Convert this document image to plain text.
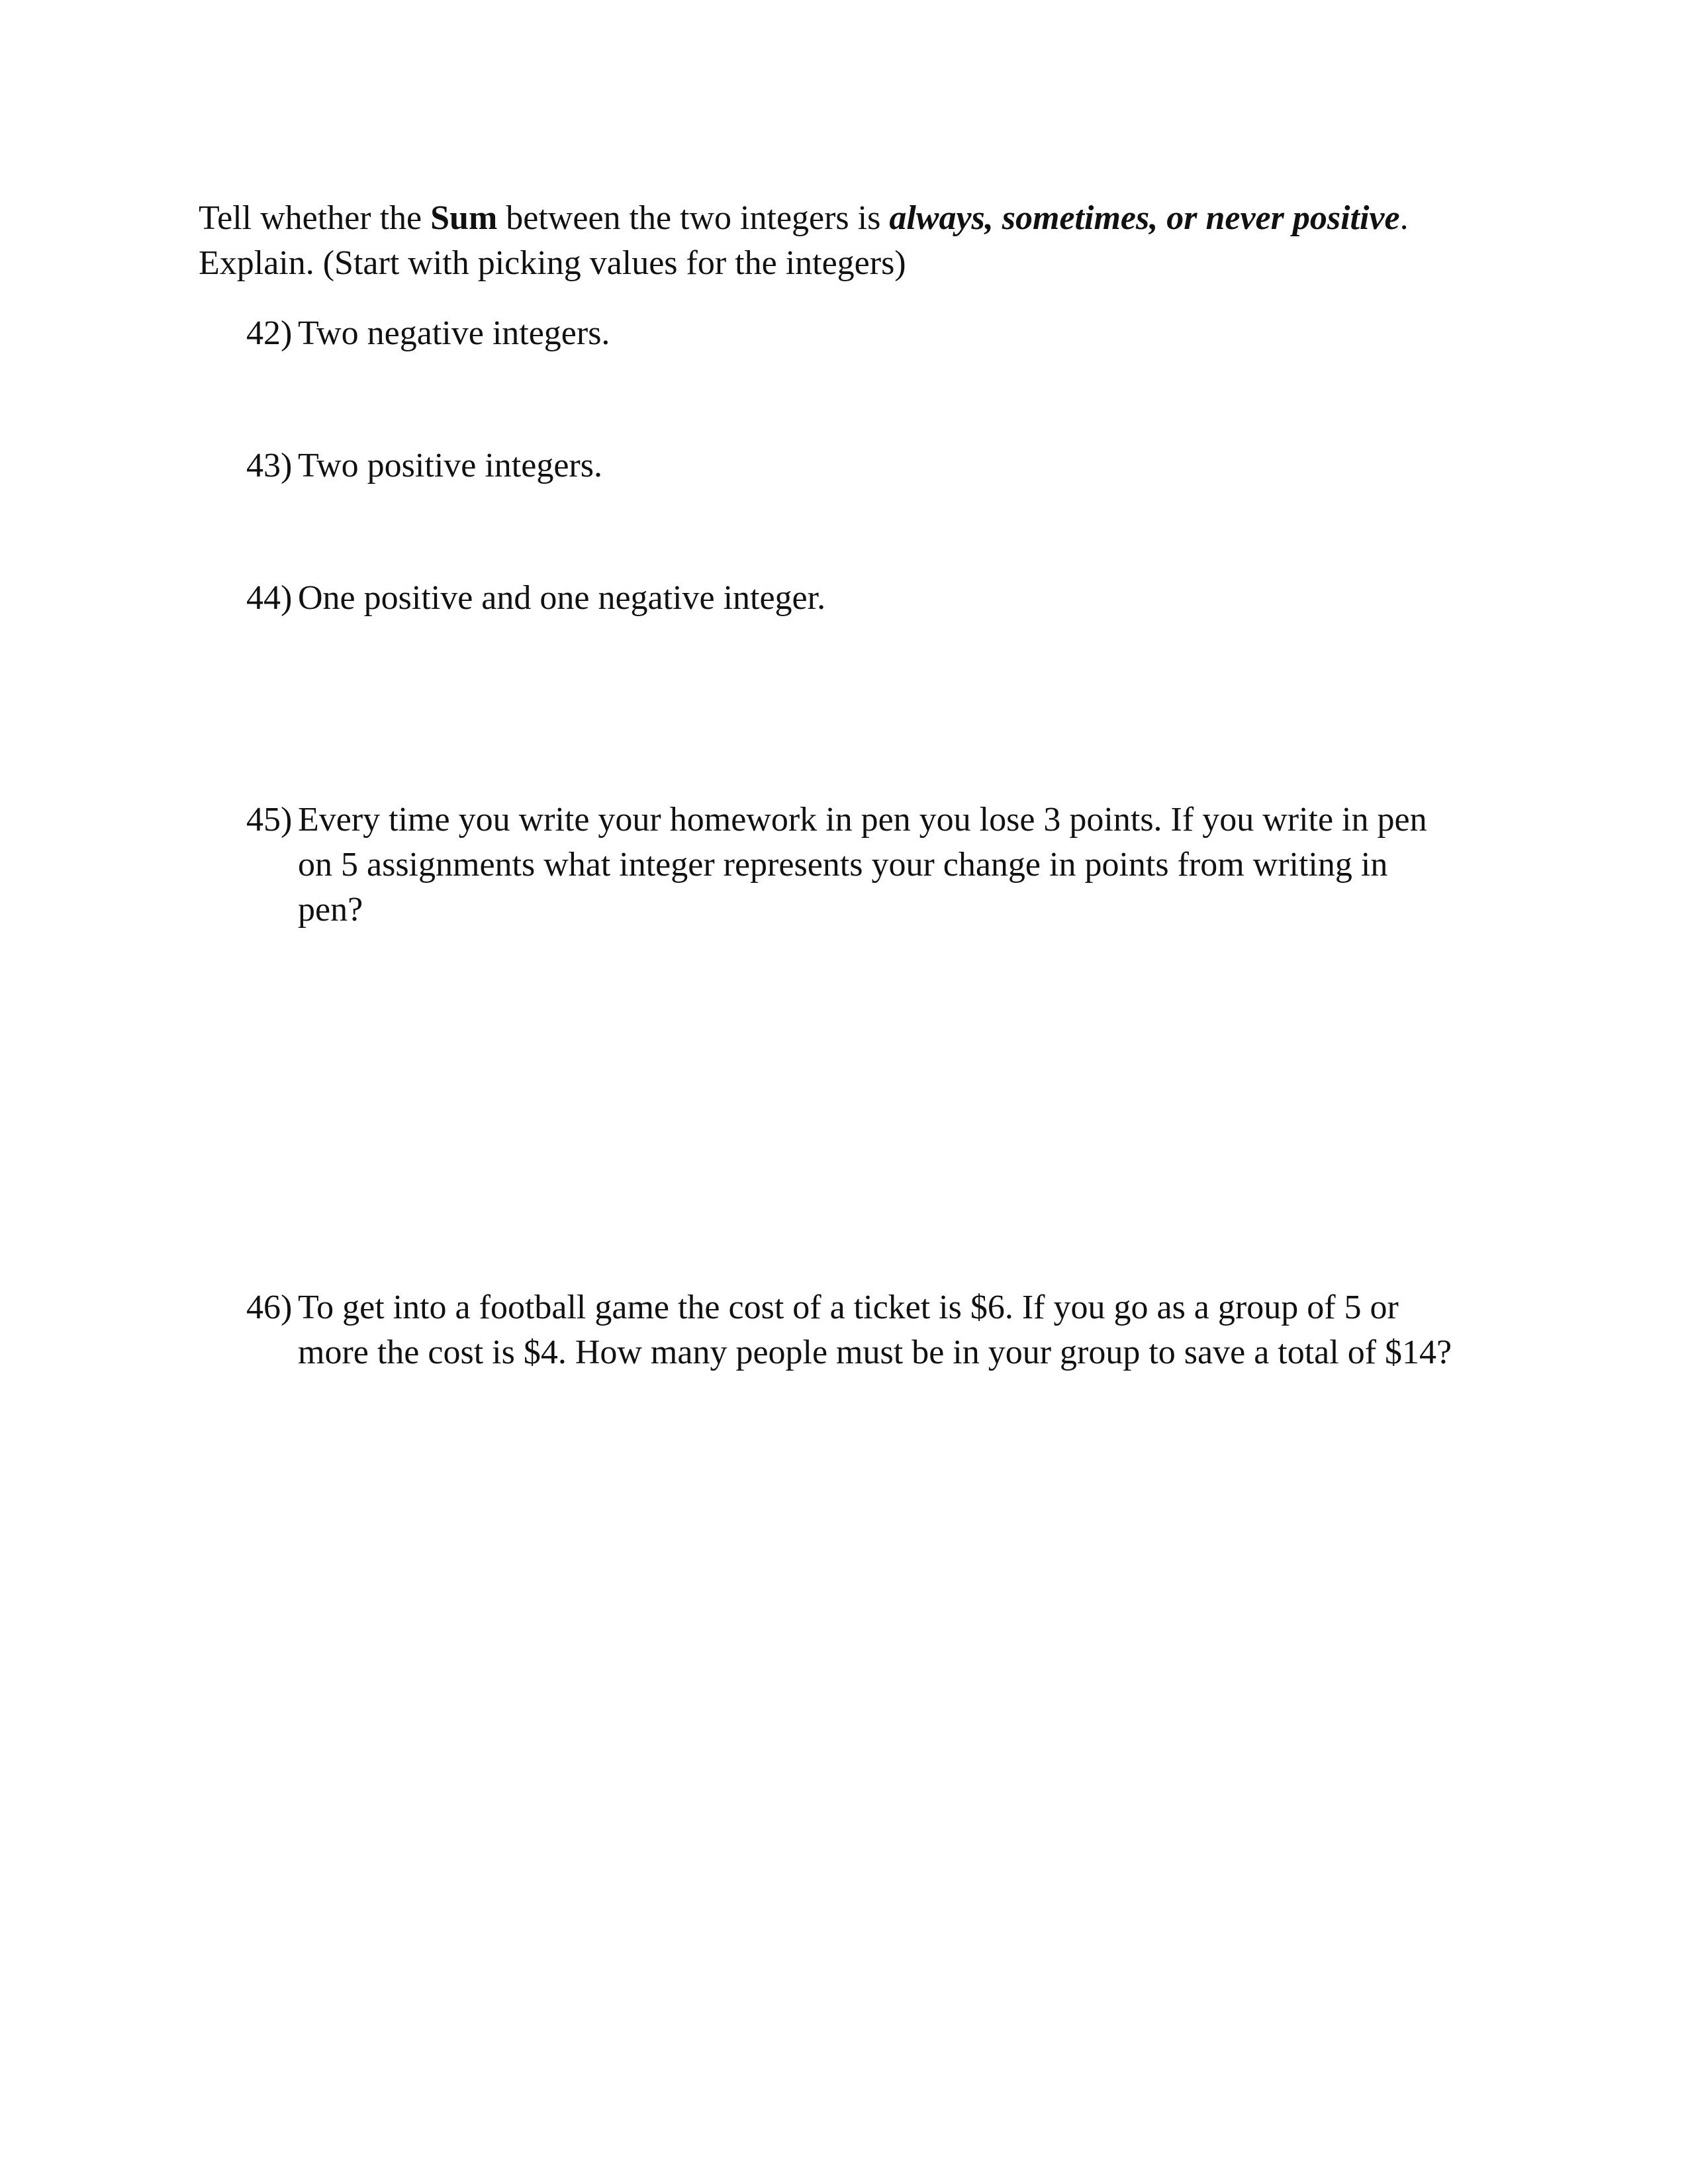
Tell whether the Sum between the two integers is always, sometimes, or never positive.
Explain. (Start with picking values for the integers)
42) Two negative integers.
43) Two positive integers.
44) One positive and one negative integer.
45) Every time you write your homework in pen you lose 3 points. If you write in pen on 5 assignments what integer represents your change in points from writing in pen?
46) To get into a football game the cost of a ticket is $6. If you go as a group of 5 or more the cost is $4. How many people must be in your group to save a total of $14?
